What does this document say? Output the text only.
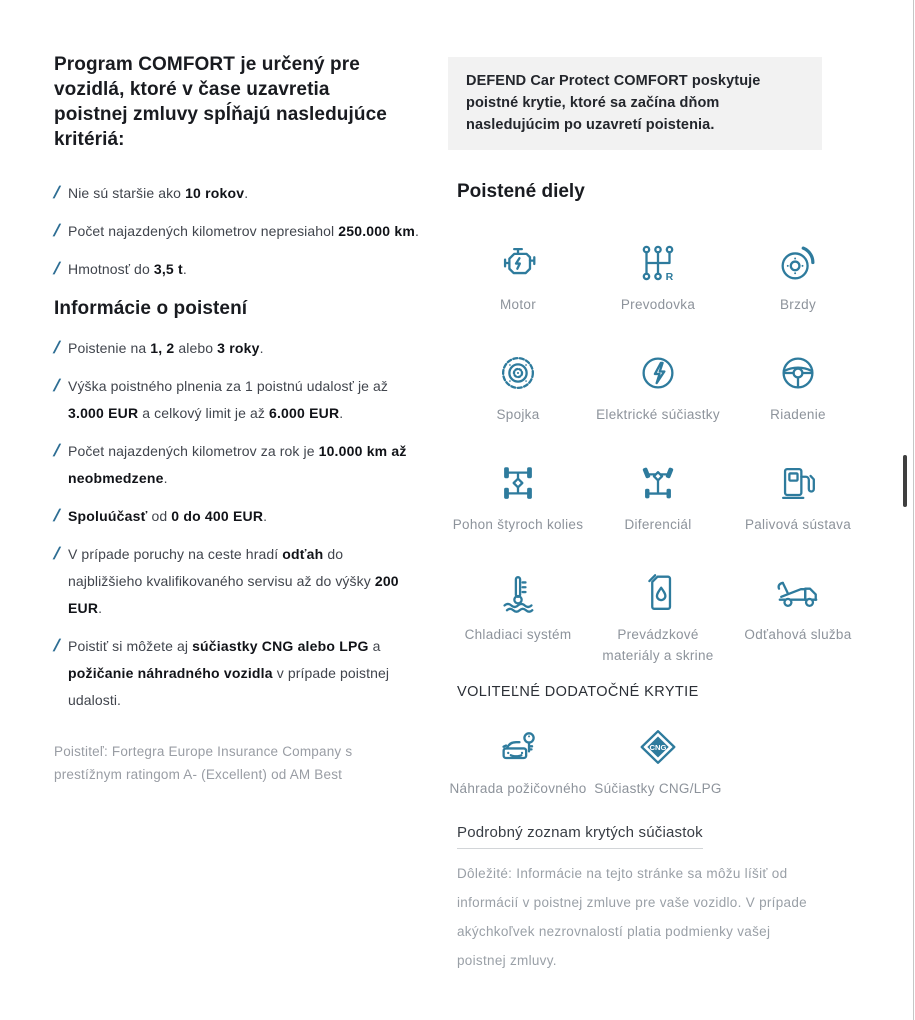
Program COMFORT je určený pre vozidlá, ktoré v čase uzavretia poistnej zmluvy spĺňajú nasledujúce kritériá:
/ Nie sú staršie ako 10 rokov.
/ Počet najazdených kilometrov nepresiahol 250.000 km.
/ Hmotnosť do 3,5 t.
Informácie o poistení
/ Poistenie na 1, 2 alebo 3 roky.
/ Výška poistného plnenia za 1 poistnú udalosť je až 3.000 EUR a celkový limit je až 6.000 EUR.
/ Počet najazdených kilometrov za rok je 10.000 km až neobmedzene.
/ Spoluúčasť od 0 do 400 EUR.
/ V prípade poruchy na ceste hradí odťah do najbližšieho kvalifikovaného servisu až do výšky 200 EUR.
/ Poistiť si môžete aj súčiastky CNG alebo LPG a požičanie náhradného vozidla v prípade poistnej udalosti.

Poistiteľ: Fortegra Europe Insurance Company s prestížnym ratingom A- (Excellent) od AM Best

DEFEND Car Protect COMFORT poskytuje poistné krytie, ktoré sa začína dňom nasledujúcim po uzavretí poistenia.
Poistené diely
Motor
R
Prevodovka	Brzdy
Spojka	Elektrické súčiastky	Riadenie
Pohon štyroch kolies	Diferenciál	Palivová sústava
Chladiaci systém	Prevádzkové materiály a skrine
Odťahová služba
VOLITEĽNÉ DODATOČNÉ KRYTIE
Náhrada požičovného
CNG
Súčiastky CNG/LPG
Podrobný zoznam krytých súčiastok

Dôležité: Informácie na tejto stránke sa môžu líšiť od informácií v poistnej zmluve pre vaše vozidlo. V prípade akýchkoľvek nezrovnalostí platia podmienky vašej poistnej zmluvy.
